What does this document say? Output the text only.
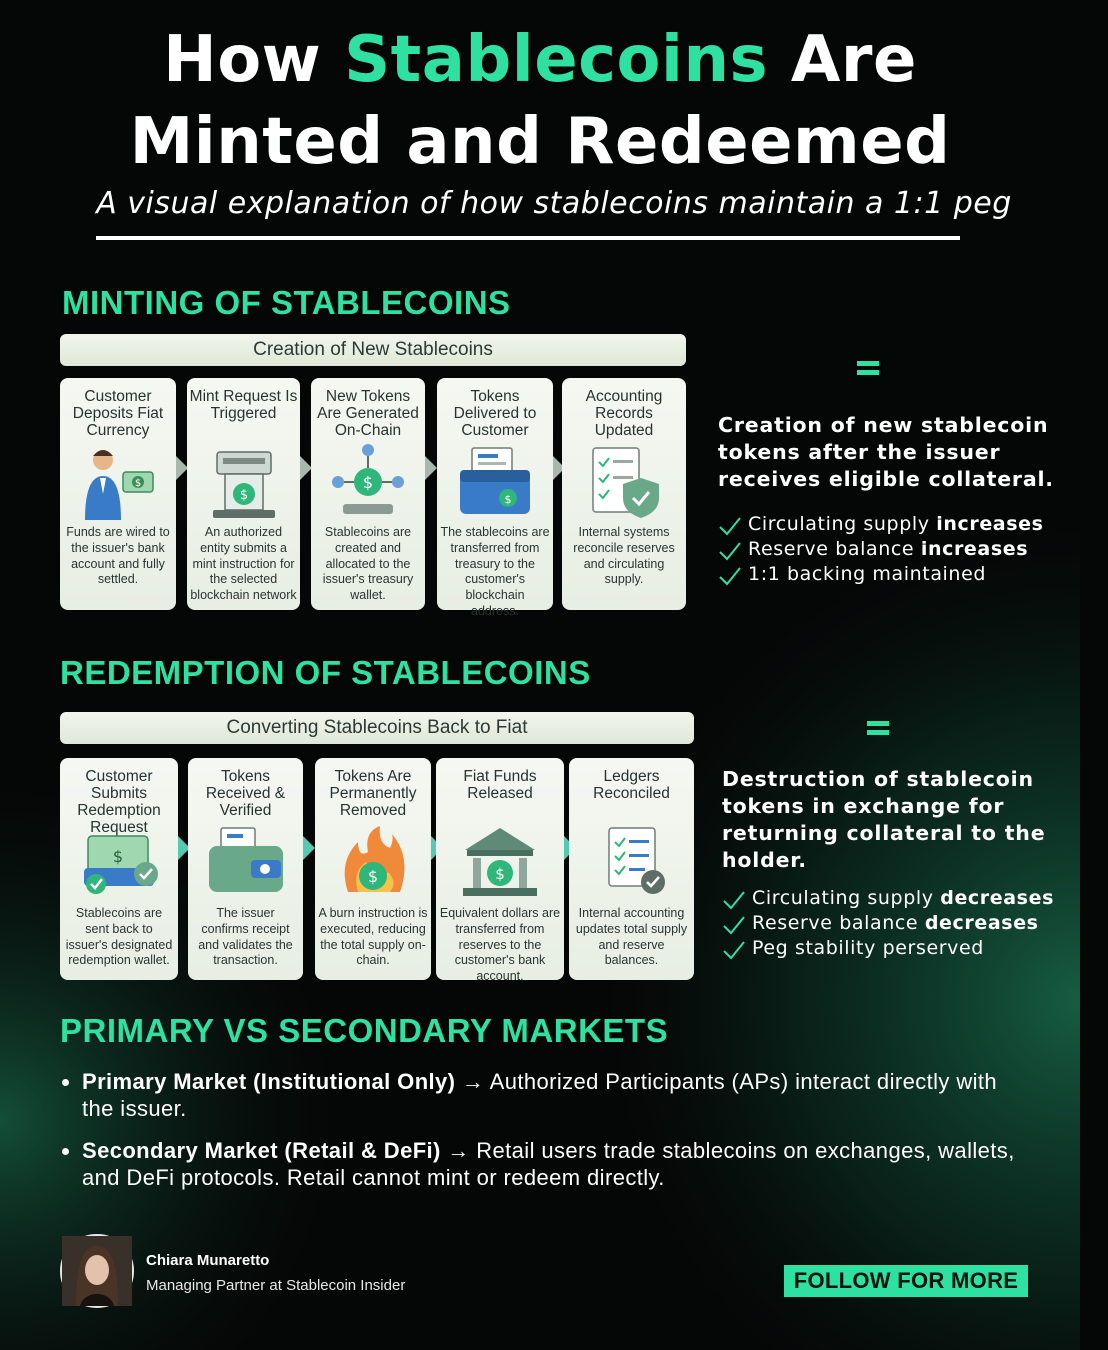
How Stablecoins Are
Minted and Redeemed
A visual explanation of how stablecoins maintain a 1:1 peg
MINTING OF STABLECOINS
Creation of New Stablecoins
Customer Deposits Fiat Currency
$
Funds are wired to the issuer's bank account and fully settled.
Mint Request Is Triggered
$
An authorized entity submits a mint instruction for the selected blockchain network
New Tokens Are Generated On-Chain
$
Stablecoins are created and allocated to the issuer's treasury wallet.
Tokens Delivered to Customer
$
The stablecoins are transferred from treasury to the customer's blockchain address.
Accounting Records Updated
Internal systems reconcile reserves and circulating supply.
Creation of new stablecoin tokens after the issuer receives eligible collateral.
Circulating supply increases
Reserve balance increases
1:1 backing maintained
REDEMPTION OF STABLECOINS
Converting Stablecoins Back to Fiat
Customer Submits Redemption Request
$
Stablecoins are sent back to issuer's designated redemption wallet.
Tokens Received & Verified
The issuer confirms receipt and validates the transaction.
Tokens Are Permanently Removed
$
A burn instruction is executed, reducing the total supply on-chain.
Fiat Funds Released
$
Equivalent dollars are transferred from reserves to the customer's bank account.
Ledgers Reconciled
Internal accounting updates total supply and reserve balances.
Destruction of stablecoin tokens in exchange for returning collateral to the holder.
Circulating supply decreases
Reserve balance decreases
Peg stability perserved
PRIMARY VS SECONDARY MARKETS
Primary Market (Institutional Only) → Authorized Participants (APs) interact directly with the issuer.
Secondary Market (Retail & DeFi) → Retail users trade stablecoins on exchanges, wallets, and DeFi protocols. Retail cannot mint or redeem directly.
Chiara Munaretto
Managing Partner at Stablecoin Insider	FOLLOW FOR MORE
